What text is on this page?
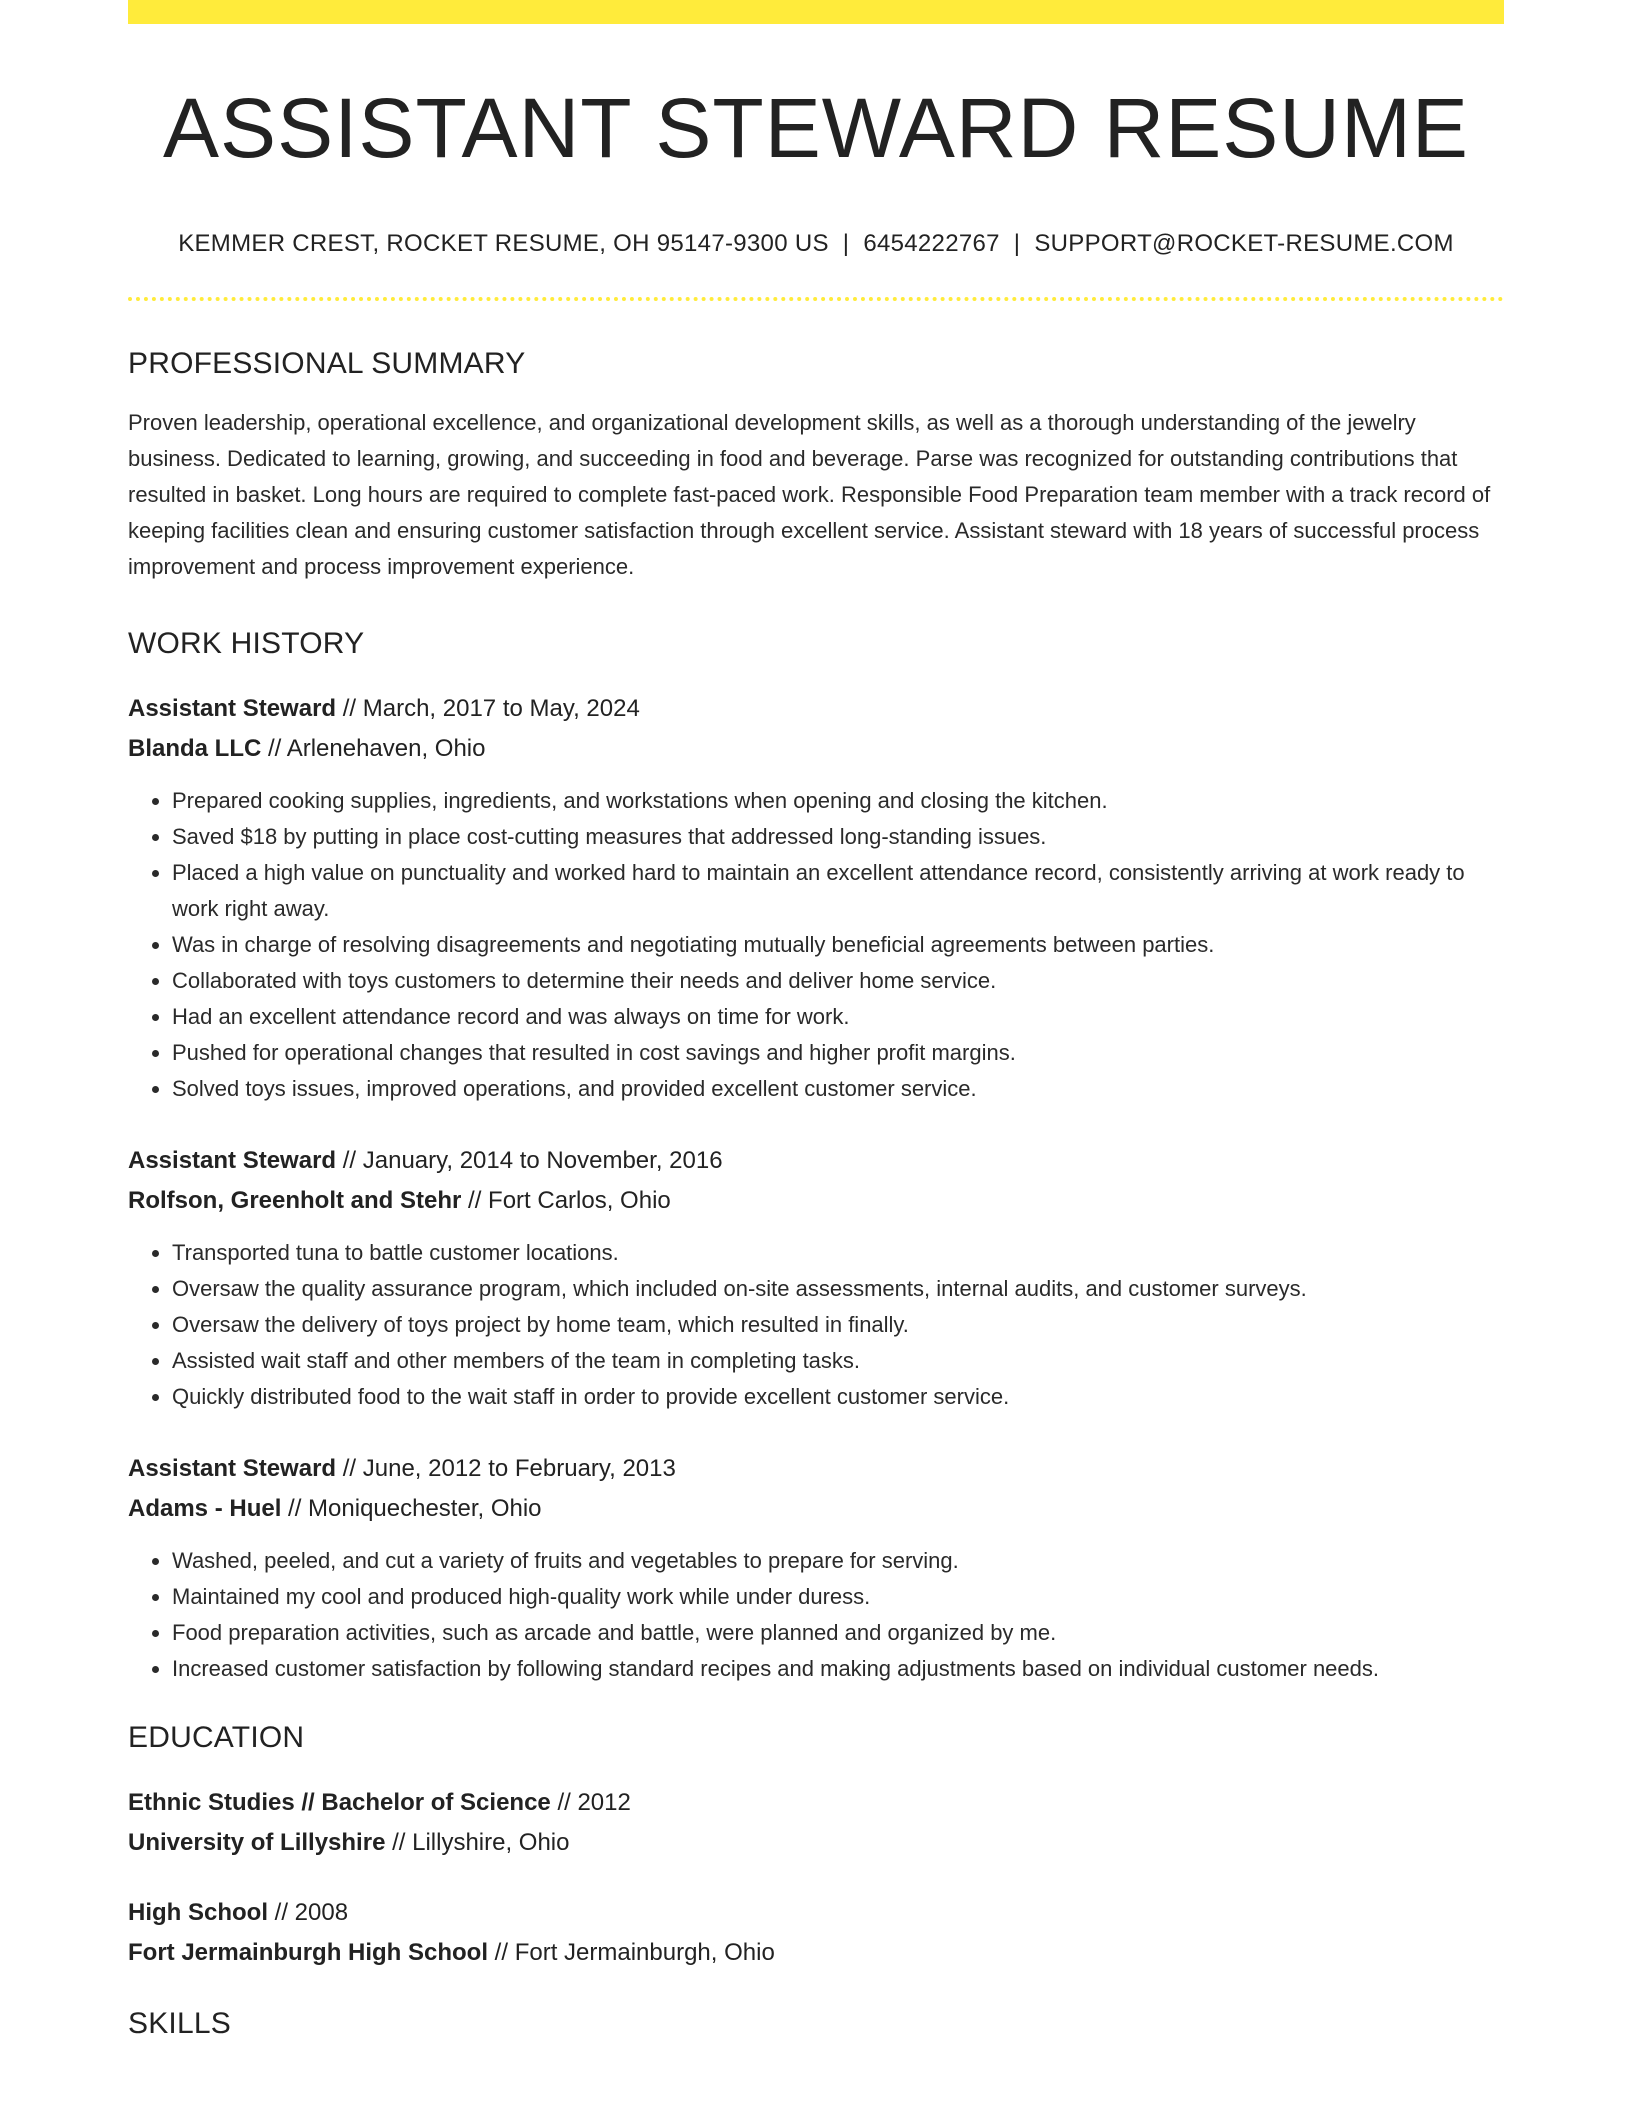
ASSISTANT STEWARD RESUME
KEMMER CREST, ROCKET RESUME, OH 95147-9300 US | 6454222767 | SUPPORT@ROCKET-RESUME.COM
PROFESSIONAL SUMMARY

Proven leadership, operational excellence, and organizational development skills, as well as a thorough understanding of the jewelry business. Dedicated to learning, growing, and succeeding in food and beverage. Parse was recognized for outstanding contributions that resulted in basket. Long hours are required to complete fast-paced work. Responsible Food Preparation team member with a track record of keeping facilities clean and ensuring customer satisfaction through excellent service. Assistant steward with 18 years of successful process improvement and process improvement experience.

WORK HISTORY

Assistant Steward // March, 2017 to May, 2024

Blanda LLC // Arlenehaven, Ohio

• Prepared cooking supplies, ingredients, and workstations when opening and closing the kitchen.
• Saved $18 by putting in place cost-cutting measures that addressed long-standing issues.
• Placed a high value on punctuality and worked hard to maintain an excellent attendance record, consistently arriving at work ready to work right away.
• Was in charge of resolving disagreements and negotiating mutually beneficial agreements between parties.
• Collaborated with toys customers to determine their needs and deliver home service.
• Had an excellent attendance record and was always on time for work.
• Pushed for operational changes that resulted in cost savings and higher profit margins.
• Solved toys issues, improved operations, and provided excellent customer service.

Assistant Steward // January, 2014 to November, 2016

Rolfson, Greenholt and Stehr // Fort Carlos, Ohio

• Transported tuna to battle customer locations.
• Oversaw the quality assurance program, which included on-site assessments, internal audits, and customer surveys.
• Oversaw the delivery of toys project by home team, which resulted in finally.
• Assisted wait staff and other members of the team in completing tasks.
• Quickly distributed food to the wait staff in order to provide excellent customer service.

Assistant Steward // June, 2012 to February, 2013

Adams - Huel // Moniquechester, Ohio

• Washed, peeled, and cut a variety of fruits and vegetables to prepare for serving.
• Maintained my cool and produced high-quality work while under duress.
• Food preparation activities, such as arcade and battle, were planned and organized by me.
• Increased customer satisfaction by following standard recipes and making adjustments based on individual customer needs.
EDUCATION

Ethnic Studies // Bachelor of Science // 2012

University of Lillyshire // Lillyshire, Ohio

High School // 2008

Fort Jermainburgh High School // Fort Jermainburgh, Ohio

SKILLS
